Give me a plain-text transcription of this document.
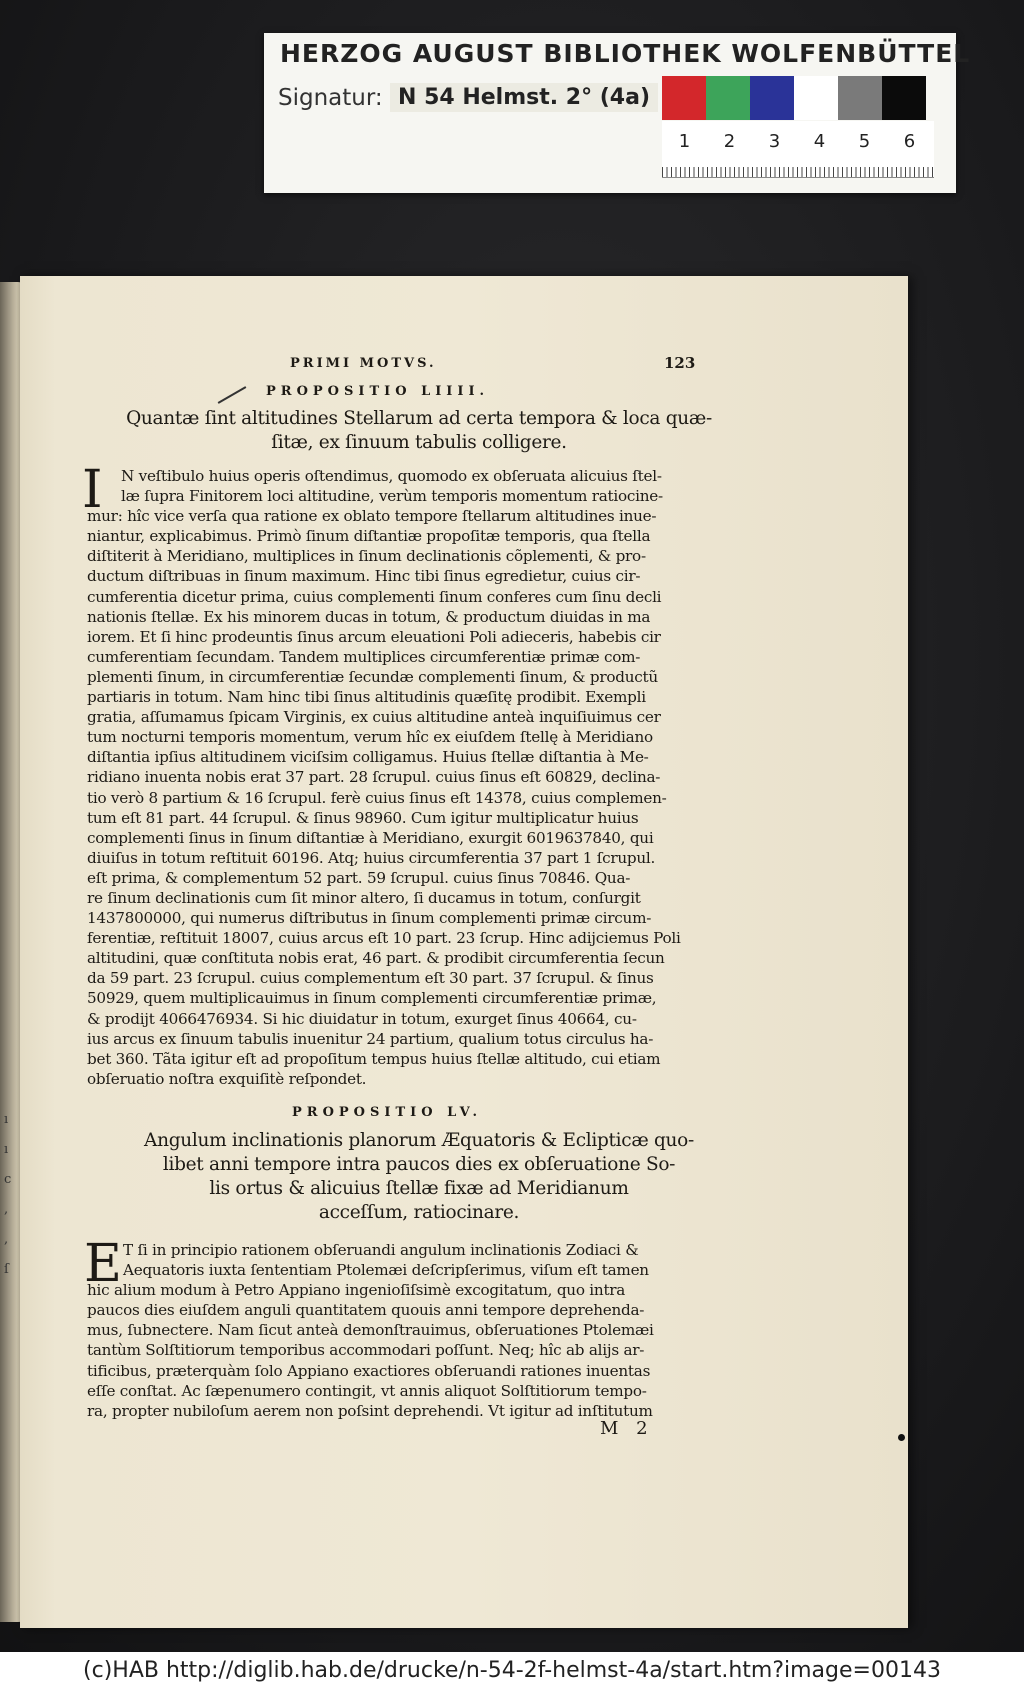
HERZOG AUGUST BIBLIOTHEK WOLFENBÜTTEL
Signatur: N 54 Helmst. 2° (4a)
1	2	3	4	5	6
ı
ı
c
,
,
ſ
PRIMI MOTVS.	123
PROPOSITIO LIIII.
Quantæ ſint altitudines Stellarum ad certa tempora & loca quæ-
ſitæ, ex ſinuum tabulis colligere.
I	N veſtibulo huius operis oſtendimus, quomodo ex obſeruata alicuius ſtel-
læ ſupra Finitorem loci altitudine, verùm temporis momentum ratiocine-
mur: hîc vice verſa qua ratione ex oblato tempore ſtellarum altitudines inue-
niantur, explicabimus. Primò ſinum diſtantiæ propoſitæ temporis, qua ſtella
diſtiterit à Meridiano, multiplices in ſinum declinationis cõplementi, & pro-
ductum diſtribuas in ſinum maximum. Hinc tibi ſinus egredietur, cuius cir-
cumferentia dicetur prima, cuius complementi ſinum conferes cum ſinu decli
nationis ſtellæ. Ex his minorem ducas in totum, & productum diuidas in ma
iorem. Et ſi hinc prodeuntis ſinus arcum eleuationi Poli adieceris, habebis cir
cumferentiam ſecundam. Tandem multiplices circumferentiæ primæ com-
plementi ſinum, in circumferentiæ ſecundæ complementi ſinum, & productũ
partiaris in totum. Nam hinc tibi ſinus altitudinis quæſitę prodibit. Exempli
gratia, aſſumamus ſpicam Virginis, ex cuius altitudine anteà inquiſiuimus cer
tum nocturni temporis momentum, verum hîc ex eiuſdem ſtellę à Meridiano
diſtantia ipſius altitudinem viciſsim colligamus. Huius ſtellæ diſtantia à Me-
ridiano inuenta nobis erat 37 part. 28 ſcrupul. cuius ſinus eſt 60829, declina-
tio verò 8 partium & 16 ſcrupul. ferè cuius ſinus eſt 14378, cuius complemen-
tum eſt 81 part. 44 ſcrupul. & ſinus 98960. Cum igitur multiplicatur huius
complementi ſinus in ſinum diſtantiæ à Meridiano, exurgit 6019637840, qui
diuiſus in totum reſtituit 60196. Atq; huius circumferentia 37 part 1 ſcrupul.
eſt prima, & complementum 52 part. 59 ſcrupul. cuius ſinus 70846. Qua-
re ſinum declinationis cum ſit minor altero, ſi ducamus in totum, conſurgit
1437800000, qui numerus diſtributus in ſinum complementi primæ circum-
ferentiæ, reſtituit 18007, cuius arcus eſt 10 part. 23 ſcrup. Hinc adijciemus Poli
altitudini, quæ conſtituta nobis erat, 46 part. & prodibit circumferentia ſecun
da 59 part. 23 ſcrupul. cuius complementum eſt 30 part. 37 ſcrupul. & ſinus
50929, quem multiplicauimus in ſinum complementi circumferentiæ primæ,
& prodijt 4066476934. Si hic diuidatur in totum, exurget ſinus 40664, cu-
ius arcus ex ſinuum tabulis inuenitur 24 partium, qualium totus circulus ha-
bet 360. Tãta igitur eſt ad propoſitum tempus huius ſtellæ altitudo, cui etiam
obſeruatio noſtra exquiſitè reſpondet.
PROPOSITIO LV.
Angulum inclinationis planorum Æquatoris & Eclipticæ quo-
libet anni tempore intra paucos dies ex obſeruatione So-
lis ortus & alicuius ſtellæ fixæ ad Meridianum
acceſſum, ratiocinare.
E T ſi in principio rationem obſeruandi angulum inclinationis Zodiaci &
Aequatoris iuxta ſententiam Ptolemæi deſcripſerimus, viſum eſt tamen
hic alium modum à Petro Appiano ingenioſiſsimè excogitatum, quo intra
paucos dies eiuſdem anguli quantitatem quouis anni tempore deprehenda-
mus, ſubnectere. Nam ſicut anteà demonſtrauimus, obſeruationes Ptolemæi
tantùm Solſtitiorum temporibus accommodari poſſunt. Neq; hîc ab alijs ar-
tificibus, præterquàm ſolo Appiano exactiores obſeruandi rationes inuentas
eſſe conſtat. Ac ſæpenumero contingit, vt annis aliquot Solſtitiorum tempo-
ra, propter nubiloſum aerem non poſsint deprehendi. Vt igitur ad inſtitutum
M 2
(c)HAB http://diglib.hab.de/drucke/n-54-2f-helmst-4a/start.htm?image=00143
